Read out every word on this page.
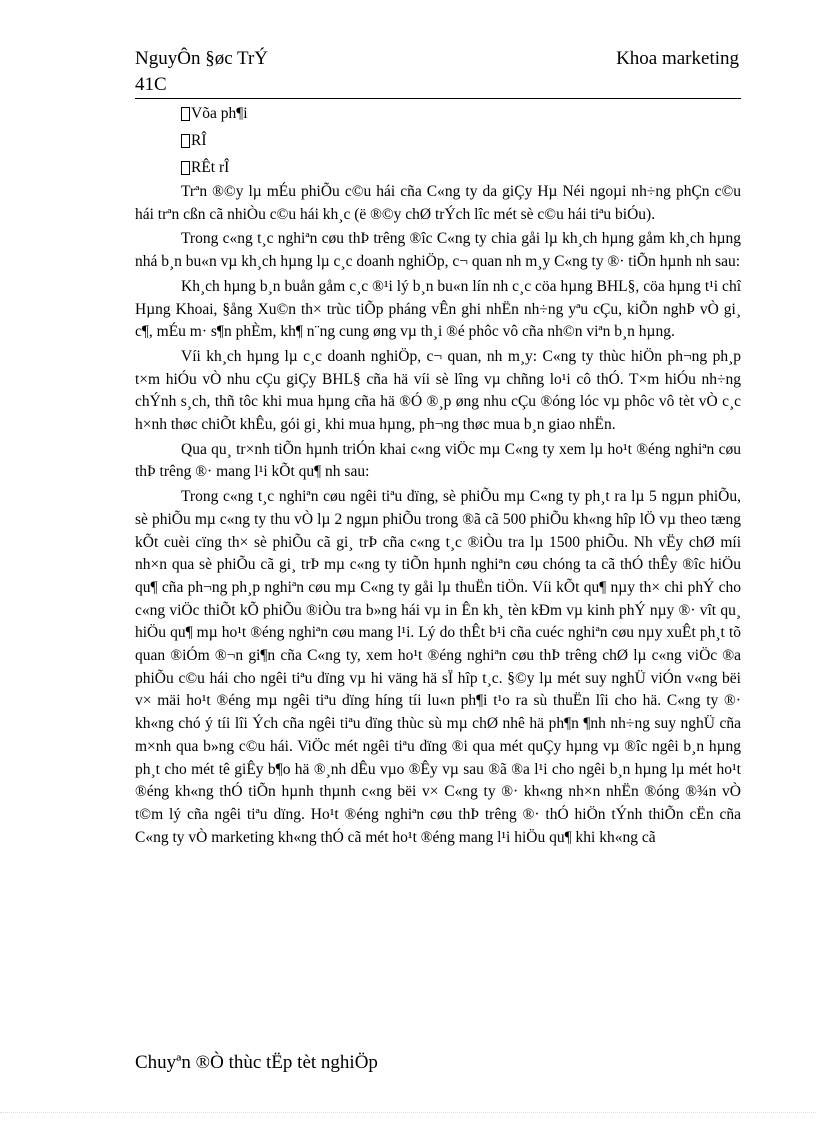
NguyÔn §øc TrÝ
41C
Khoa marketing
Võa ph¶i
RÎ
RÊt rÎ

Trªn ®©y lµ mÉu phiÕu c©u hái cña C«ng ty da giÇy Hµ Néi ngoµi nh÷ng phÇn c©u hái trªn cßn cã nhiÒu c©u hái kh¸c (ë ®©y chØ trÝch lîc mét sè c©u hái tiªu biÓu).

Trong c«ng t¸c nghiªn cøu thÞ trêng ®îc C«ng ty chia gåi lµ kh¸ch hµng gåm kh¸ch hµng nhá b¸n bu«n vµ kh¸ch hµng lµ c¸c doanh nghiÖp, c¬ quan nh m¸y C«ng ty ®· tiÕn hµnh nh sau:

Kh¸ch hµng b¸n buån gåm c¸c ®¹i lý b¸n bu«n lín nh c¸c cöa hµng BHL§, cöa hµng t¹i chî Hµng Khoai, §ång Xu©n th× trùc tiÕp pháng vÊn ghi nhËn nh÷ng yªu cÇu, kiÕn nghÞ vÒ gi¸ c¶, mÉu m· s¶n phÈm, kh¶ n¨ng cung øng vµ th¸i ®é phôc vô cña nh©n viªn b¸n hµng.

Víi kh¸ch hµng lµ c¸c doanh nghiÖp, c¬ quan, nh m¸y: C«ng ty thùc hiÖn ph¬ng ph¸p t×m hiÓu vÒ nhu cÇu giÇy BHL§ cña hä víi sè lîng vµ chñng lo¹i cô thÓ. T×m hiÓu nh÷ng chÝnh s¸ch, thñ tôc khi mua hµng cña hä ®Ó ®¸p øng nhu cÇu ®óng lóc vµ phôc vô tèt vÒ c¸c h×nh thøc chiÕt khÊu, gói gi¸ khi mua hµng, ph¬ng thøc mua b¸n giao nhËn.

Qua qu¸ tr×nh tiÕn hµnh triÓn khai c«ng viÖc mµ C«ng ty xem lµ ho¹t ®éng nghiªn cøu thÞ trêng ®· mang l¹i kÕt qu¶ nh sau:

Trong c«ng t¸c nghiªn cøu ngêi tiªu dïng, sè phiÕu mµ C«ng ty ph¸t ra lµ 5 ngµn phiÕu, sè phiÕu mµ c«ng ty thu vÒ lµ 2 ngµn phiÕu trong ®ã cã 500 phiÕu kh«ng hîp lÖ vµ theo tæng kÕt cuèi cïng th× sè phiÕu cã gi¸ trÞ cña c«ng t¸c ®iÒu tra lµ 1500 phiÕu. Nh vËy chØ míi nh×n qua sè phiÕu cã gi¸ trÞ mµ c«ng ty tiÕn hµnh nghiªn cøu chóng ta cã thÓ thÊy ®îc hiÖu qu¶ cña ph¬ng ph¸p nghiªn cøu mµ C«ng ty gåi lµ thuËn tiÖn. Víi kÕt qu¶ nµy th× chi phÝ cho c«ng viÖc thiÕt kÕ phiÕu ®iÒu tra b»ng hái vµ in Ên kh¸ tèn kÐm vµ kinh phÝ nµy ®· vît qu¸ hiÖu qu¶ mµ ho¹t ®éng nghiªn cøu mang l¹i. Lý do thÊt b¹i cña cuéc nghiªn cøu nµy xuÊt ph¸t tõ quan ®iÓm ®¬n gi¶n cña C«ng ty, xem ho¹t ®éng nghiªn cøu thÞ trêng chØ lµ c«ng viÖc ®a phiÕu c©u hái cho ngêi tiªu dïng vµ hi väng hä sÏ hîp t¸c. §©y lµ mét suy nghÜ viÓn v«ng bëi v× mäi ho¹t ®éng mµ ngêi tiªu dïng híng tíi lu«n ph¶i t¹o ra sù thuËn lîi cho hä. C«ng ty ®· kh«ng chó ý tíi lîi Ých cña ngêi tiªu dïng thùc sù mµ chØ nhê hä ph¶n ¶nh nh÷ng suy nghÜ cña m×nh qua b»ng c©u hái. ViÖc mét ngêi tiªu dïng ®i qua mét quÇy hµng vµ ®îc ngêi b¸n hµng ph¸t cho mét tê giÊy b¶o hä ®¸nh dÊu vµo ®Êy vµ sau ®ã ®a l¹i cho ngêi b¸n hµng lµ mét ho¹t ®éng kh«ng thÓ tiÕn hµnh thµnh c«ng bëi v× C«ng ty ®· kh«ng nh×n nhËn ®óng ®¾n vÒ t©m lý cña ngêi tiªu dïng. Ho¹t ®éng nghiªn cøu thÞ trêng ®· thÓ hiÖn tÝnh thiÕn cËn cña C«ng ty vÒ marketing kh«ng thÓ cã mét ho¹t ®éng mang l¹i hiÖu qu¶ khi kh«ng cã

Chuyªn ®Ò thùc tËp tèt nghiÖp
